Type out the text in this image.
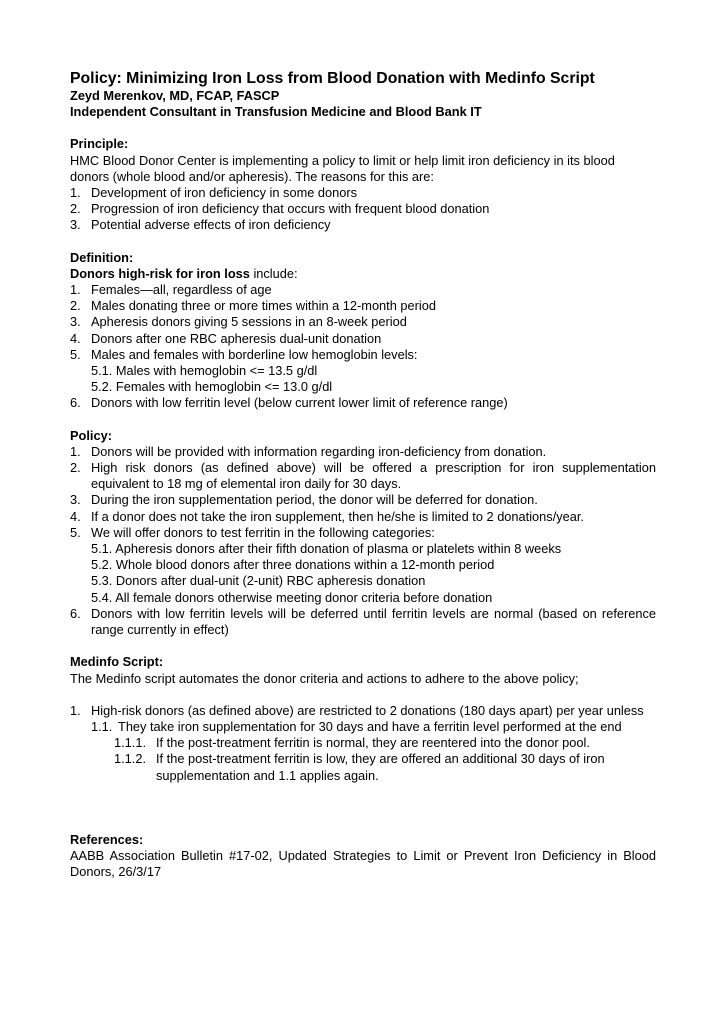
Policy: Minimizing Iron Loss from Blood Donation with Medinfo Script
Zeyd Merenkov, MD, FCAP, FASCP
Independent Consultant in Transfusion Medicine and Blood Bank IT
Principle:
HMC Blood Donor Center is implementing a policy to limit or help limit iron deficiency in its blood donors (whole blood and/or apheresis). The reasons for this are:
1. Development of iron deficiency in some donors
2. Progression of iron deficiency that occurs with frequent blood donation
3. Potential adverse effects of iron deficiency
Definition:
Donors high-risk for iron loss include:
1. Females—all, regardless of age
2. Males donating three or more times within a 12-month period
3. Apheresis donors giving 5 sessions in an 8-week period
4. Donors after one RBC apheresis dual-unit donation
5. Males and females with borderline low hemoglobin levels:
5.1. Males with hemoglobin <= 13.5 g/dl
5.2. Females with hemoglobin <= 13.0 g/dl
6. Donors with low ferritin level (below current lower limit of reference range)
Policy:
1. Donors will be provided with information regarding iron-deficiency from donation.
2. High risk donors (as defined above) will be offered a prescription for iron supplementation equivalent to 18 mg of elemental iron daily for 30 days.
3. During the iron supplementation period, the donor will be deferred for donation.
4. If a donor does not take the iron supplement, then he/she is limited to 2 donations/year.
5. We will offer donors to test ferritin in the following categories:
5.1. Apheresis donors after their fifth donation of plasma or platelets within 8 weeks
5.2. Whole blood donors after three donations within a 12-month period
5.3. Donors after dual-unit (2-unit) RBC apheresis donation
5.4. All female donors otherwise meeting donor criteria before donation
6. Donors with low ferritin levels will be deferred until ferritin levels are normal (based on reference range currently in effect)
Medinfo Script:
The Medinfo script automates the donor criteria and actions to adhere to the above policy;
1. High-risk donors (as defined above) are restricted to 2 donations (180 days apart) per year unless
1.1. They take iron supplementation for 30 days and have a ferritin level performed at the end
1.1.1. If the post-treatment ferritin is normal, they are reentered into the donor pool.
1.1.2. If the post-treatment ferritin is low, they are offered an additional 30 days of iron supplementation and 1.1 applies again.
References:
AABB Association Bulletin #17-02, Updated Strategies to Limit or Prevent Iron Deficiency in Blood Donors, 26/3/17
